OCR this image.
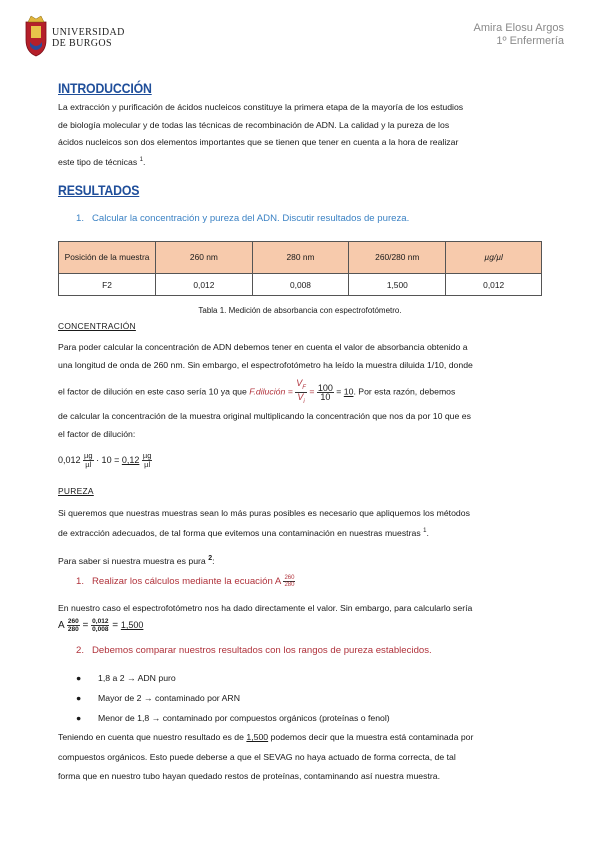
UNIVERSIDAD
DE BURGOS
Amira Elosu Argos
1º Enfermería
INTRODUCCIÓN
La extracción y purificación de ácidos nucleicos constituye la primera etapa de la mayoría de los estudios
de biología molecular y de todas las técnicas de recombinación de ADN. La calidad y la pureza de los
ácidos nucleicos son dos elementos importantes que se tienen que tener en cuenta a la hora de realizar
este tipo de técnicas $^1$.
RESULTADOS
1. Calcular la concentración y pureza del ADN. Discutir resultados de pureza.
Posición de la muestra	260 nm	280 nm	260/280 nm	µg/µl
F2	0,012	0,008	1,500	0,012
Tabla 1. Medición de absorbancia con espectrofotómetro.
CONCENTRACIÓN
Para poder calcular la concentración de ADN debemos tener en cuenta el valor de absorbancia obtenido a
una longitud de onda de 260 nm. Sin embargo, el espectrofotómetro ha leído la muestra diluida 1/10, donde
el factor de dilución en este caso sería 10 ya que F.dilución = $\frac{V_F}{V_i} = \frac{100}{10} = 10$. Por esta razón, debemos
de calcular la concentración de la muestra original multiplicando la concentración que nos da por 10 que es
el factor de dilución:
$0,012 \frac{\text{µg}}{\text{µl}} \cdot 10 = 0,12 \frac{\text{µg}}{\text{µl}}$
PUREZA
Si queremos que nuestras muestras sean lo más puras posibles es necesario que apliquemos los métodos
de extracción adecuados, de tal forma que evitemos una contaminación en nuestras muestras $^1$.
Para saber si nuestra muestra es pura $^2$:
1. Realizar los cálculos mediante la ecuación A $\frac{260}{280}$
En nuestro caso el espectrofotómetro nos ha dado directamente el valor. Sin embargo, para calcularlo sería
A $\frac{260}{280} = \frac{0,012}{0,008} = 1,500$
2. Debemos comparar nuestros resultados con los rangos de pureza establecidos.
● 1,8 a 2 → ADN puro
● Mayor de 2 → contaminado por ARN
● Menor de 1,8 → contaminado por compuestos orgánicos (proteínas o fenol)
Teniendo en cuenta que nuestro resultado es de 1,500 podemos decir que la muestra está contaminada por
compuestos orgánicos. Esto puede deberse a que el SEVAG no haya actuado de forma correcta, de tal
forma que en nuestro tubo hayan quedado restos de proteínas, contaminando así nuestra muestra.
